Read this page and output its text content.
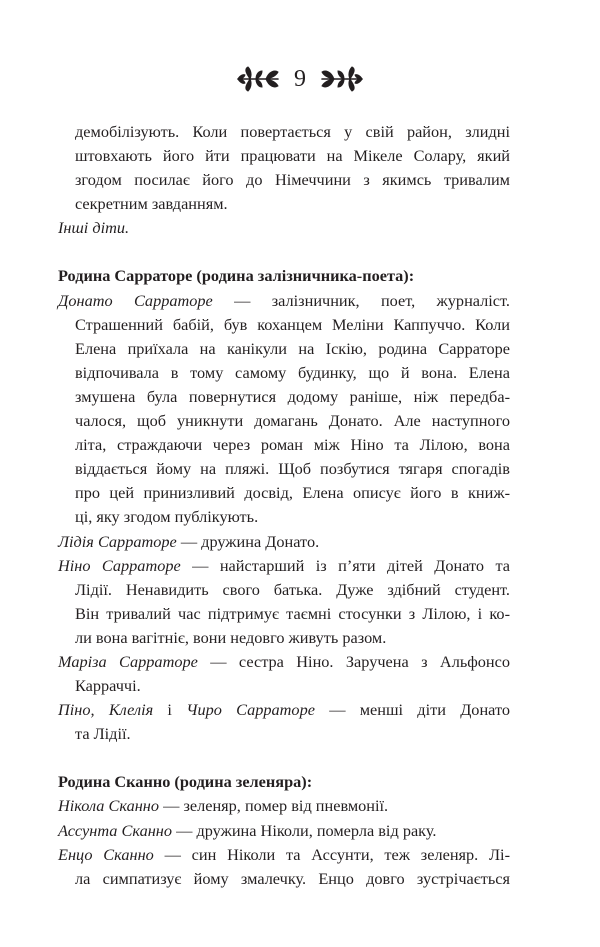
9
демобілізують. Коли повертається у свій район, злидні
штовхають його йти працювати на Мікеле Солару, який
згодом посилає його до Німеччини з якимсь тривалим
секретним завданням.
Інші діти.
Родина Сарраторе (родина залізничника-поета):
Донато Сарраторе — залізничник, поет, журналіст.
Страшенний бабій, був коханцем Меліни Каппуччо. Коли
Елена приїхала на канікули на Іскію, родина Сарраторе
відпочивала в тому самому будинку, що й вона. Елена
змушена була повернутися додому раніше, ніж передба-
чалося, щоб уникнути домагань Донато. Але наступного
літа, страждаючи через роман між Ніно та Лілою, вона
віддається йому на пляжі. Щоб позбутися тягаря спогадів
про цей принизливий досвід, Елена описує його в книж-
ці, яку згодом публікують.
Лідія Сарраторе — дружина Донато.
Ніно Сарраторе — найстарший із п’яти дітей Донато та
Лідії. Ненавидить свого батька. Дуже здібний студент.
Він тривалий час підтримує таємні стосунки з Лілою, і ко-
ли вона вагітніє, вони недовго живуть разом.
Маріза Сарраторе — сестра Ніно. Заручена з Альфонсо
Карраччі.
Піно, Клелія і Чиро Сарраторе — менші діти Донато
та Лідії.
Родина Сканно (родина зеленяра):
Нікола Сканно — зеленяр, помер від пневмонії.
Ассунта Сканно — дружина Ніколи, померла від раку.
Енцо Сканно — син Ніколи та Ассунти, теж зеленяр. Лі-
ла симпатизує йому змалечку. Енцо довго зустрічається
